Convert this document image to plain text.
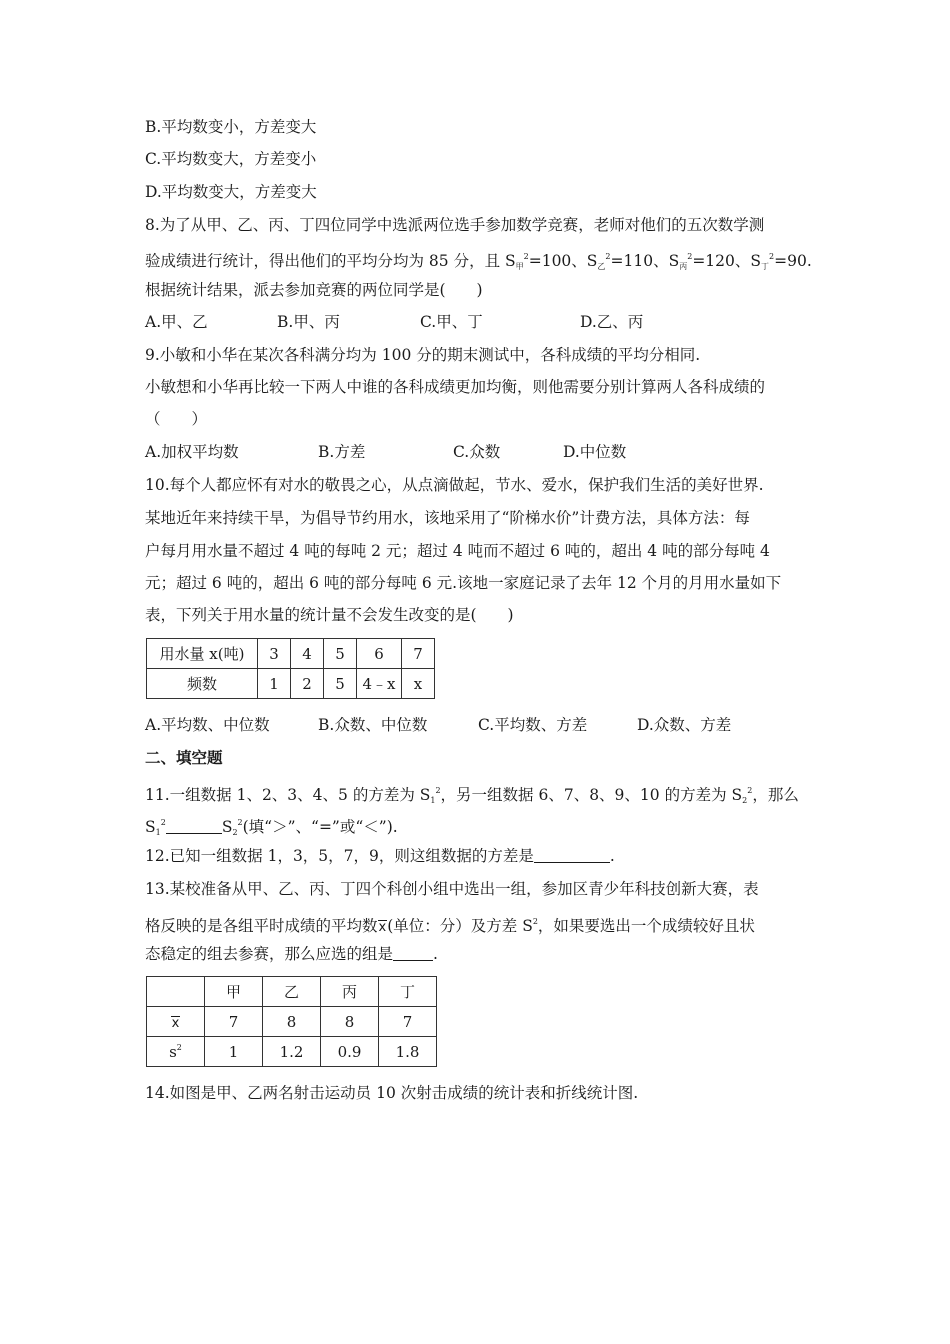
B.平均数变小，方差变大
C.平均数变大，方差变小
D.平均数变大，方差变大
8.为了从甲、乙、丙、丁四位同学中选派两位选手参加数学竞赛，老师对他们的五次数学测
验成绩进行统计，得出他们的平均分均为 85 分，且 $S_甲^2=100$、$S_乙^2=110$、$S_丙^2=120$、$S_丁^2=90$.
根据统计结果，派去参加竞赛的两位同学是(　　)
A.甲、乙	B.甲、丙	C.甲、丁	D.乙、丙
9.小敏和小华在某次各科满分均为 100 分的期末测试中，各科成绩的平均分相同.
小敏想和小华再比较一下两人中谁的各科成绩更加均衡，则他需要分别计算两人各科成绩的
（　　）
A.加权平均数	B.方差	C.众数	D.中位数
10.每个人都应怀有对水的敬畏之心，从点滴做起，节水、爱水，保护我们生活的美好世界.
某地近年来持续干旱，为倡导节约用水，该地采用了“阶梯水价”计费方法，具体方法：每
户每月用水量不超过 4 吨的每吨 2 元；超过 4 吨而不超过 6 吨的，超出 4 吨的部分每吨 4
元；超过 6 吨的，超出 6 吨的部分每吨 6 元.该地一家庭记录了去年 12 个月的月用水量如下
表，下列关于用水量的统计量不会发生改变的是(　　)
用水量 x(吨)	3	4	5	6	7
频数	1	2	5	4﹣x	x
A.平均数、中位数	B.众数、中位数	C.平均数、方差	D.众数、方差
二、填空题
11.一组数据 1、2、3、4、5 的方差为 $S_1^2$，另一组数据 6、7、8、9、10 的方差为 $S_2^2$，那么
$S_1^2$	$S_2^2$(填“＞”、“=”或“＜”).
12.已知一组数据 1，3，5，7，9，则这组数据的方差是	.
13.某校准备从甲、乙、丙、丁四个科创小组中选出一组，参加区青少年科技创新大赛，表
格反映的是各组平时成绩的平均数x(单位：分）及方差 $S^2$，如果要选出一个成绩较好且状
态稳定的组去参赛，那么应选的组是	.
	甲	乙	丙	丁
x	7	8	8	7
$s^2$	1	1.2	0.9	1.8
14.如图是甲、乙两名射击运动员 10 次射击成绩的统计表和折线统计图.
